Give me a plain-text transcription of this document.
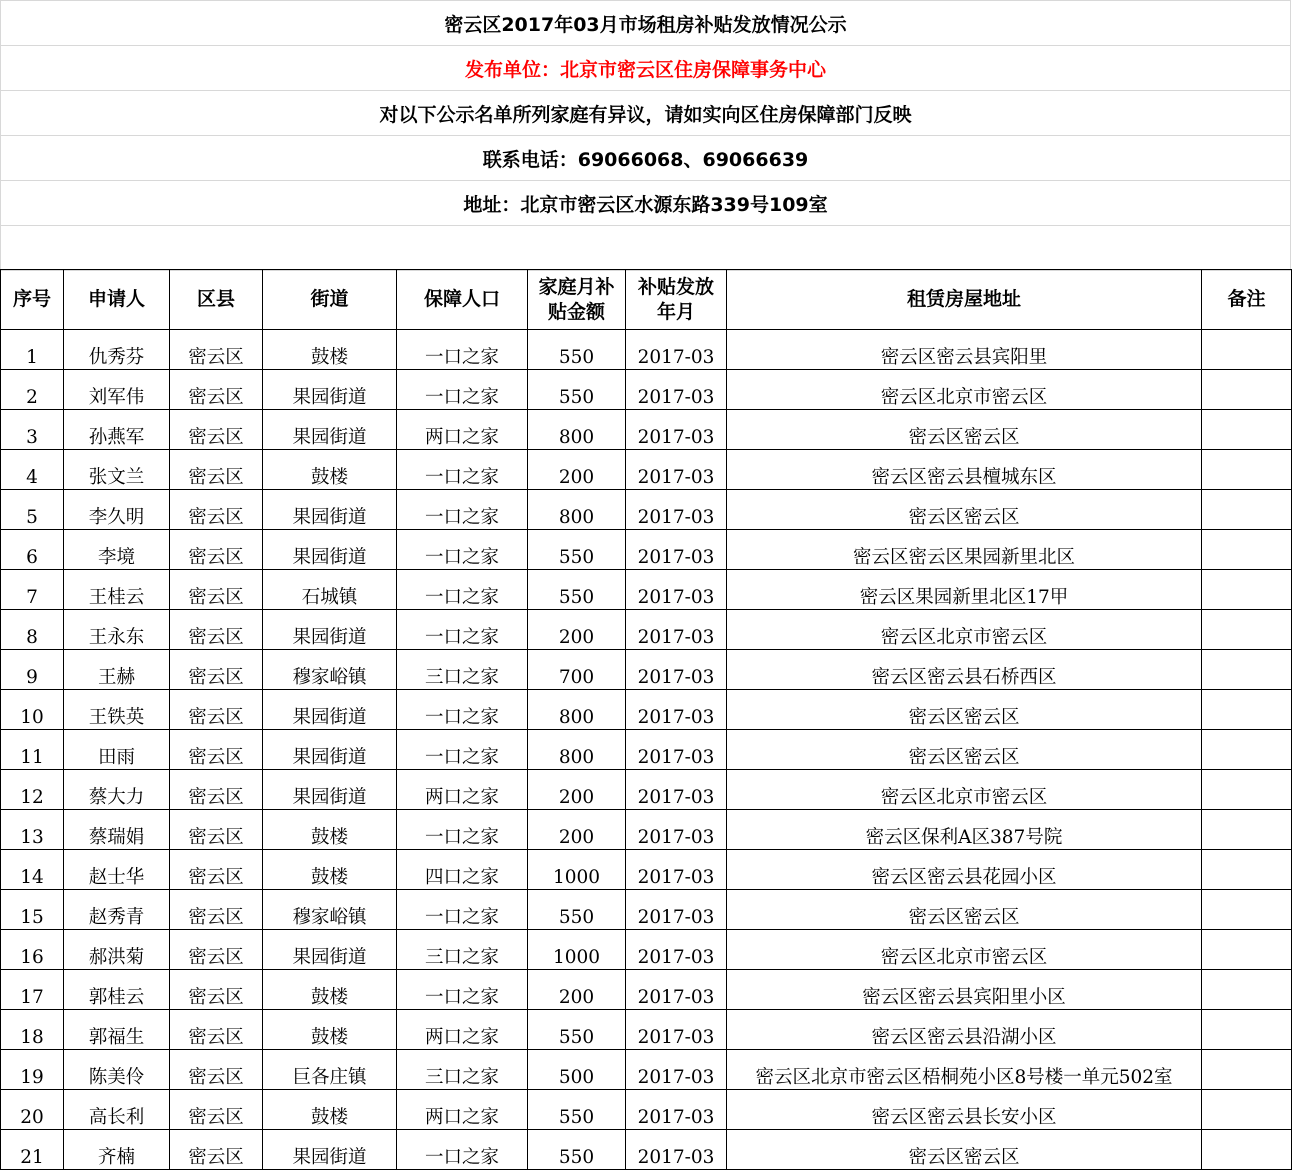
密云区2017年03月市场租房补贴发放情况公示
发布单位：北京市密云区住房保障事务中心
对以下公示名单所列家庭有异议，请如实向区住房保障部门反映
联系电话：69066068、69066639
地址：北京市密云区水源东路339号109室
序号	申请人	区县	街道	保障人口	家庭月补贴金额	补贴发放年月	租赁房屋地址	备注
1	仇秀芬	密云区	鼓楼	一口之家	550	2017-03	密云区密云县宾阳里	
2	刘军伟	密云区	果园街道	一口之家	550	2017-03	密云区北京市密云区	
3	孙燕军	密云区	果园街道	两口之家	800	2017-03	密云区密云区	
4	张文兰	密云区	鼓楼	一口之家	200	2017-03	密云区密云县檀城东区	
5	李久明	密云区	果园街道	一口之家	800	2017-03	密云区密云区	
6	李境	密云区	果园街道	一口之家	550	2017-03	密云区密云区果园新里北区	
7	王桂云	密云区	石城镇	一口之家	550	2017-03	密云区果园新里北区17甲	
8	王永东	密云区	果园街道	一口之家	200	2017-03	密云区北京市密云区	
9	王赫	密云区	穆家峪镇	三口之家	700	2017-03	密云区密云县石桥西区	
10	王铁英	密云区	果园街道	一口之家	800	2017-03	密云区密云区	
11	田雨	密云区	果园街道	一口之家	800	2017-03	密云区密云区	
12	蔡大力	密云区	果园街道	两口之家	200	2017-03	密云区北京市密云区	
13	蔡瑞娟	密云区	鼓楼	一口之家	200	2017-03	密云区保利A区387号院	
14	赵士华	密云区	鼓楼	四口之家	1000	2017-03	密云区密云县花园小区	
15	赵秀青	密云区	穆家峪镇	一口之家	550	2017-03	密云区密云区	
16	郝洪菊	密云区	果园街道	三口之家	1000	2017-03	密云区北京市密云区	
17	郭桂云	密云区	鼓楼	一口之家	200	2017-03	密云区密云县宾阳里小区	
18	郭福生	密云区	鼓楼	两口之家	550	2017-03	密云区密云县沿湖小区	
19	陈美伶	密云区	巨各庄镇	三口之家	500	2017-03	密云区北京市密云区梧桐苑小区8号楼一单元502室	
20	高长利	密云区	鼓楼	两口之家	550	2017-03	密云区密云县长安小区	
21	齐楠	密云区	果园街道	一口之家	550	2017-03	密云区密云区	
